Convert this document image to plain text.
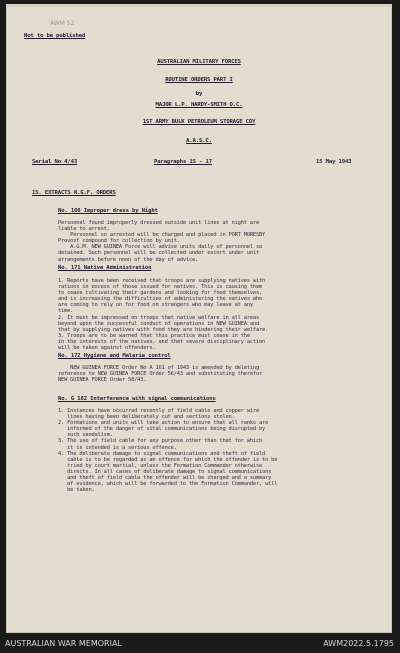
AWM 52
Not to be published
AUSTRALIAN MILITARY FORCES
ROUTINE ORDERS PART I
by
MAJOR L.P. HARDY-SMITH O.C.
1ST ARMY BULK PETROLEUM STORAGE COY
A.A.S.C.
Serial No 4/43	Paragraphs 15 - 17	15 May 1943
15. EXTRACTS N.G.F. ORDERS
No. 160 Improper dress by Night
Personnel found improperly dressed outside unit lines at night are
liable to arrest.
Personnel so arrested will be charged and placed in PORT MORESBY
Provost compound for collection by unit.
A.G.M. NEW GUINEA Force will advise units daily of personnel so
detained. Such personnel will be collected under escort under unit
arrangements before noon of the day of advice.
No. 171 Native Administration
1. Reports have been received that troops are supplying natives with
rations in excess of those issued for natives. This is causing them
to cease cultivating their gardens and looking for food themselves,
and is increasing the difficulties of administering the natives who
are coming to rely on for food on strangers who may leave at any
time.
2. It must be impressed on troops that native welfare in all areas
beyond upon the successful conduct of operations in NEW GUINEA and
that by supplying natives with food they are hindering their welfare.
3. Troops are to be warned that this practice must cease in the
in the interests of the natives, and that severe disciplinary action
will be taken against offenders.
No. 172 Hygiene and Malaria control
NEW GUINEA FORCE Order No A 161 of 1943 is amended by deleting
reference to NEW GUINEA FORCE Order 56/43 and substituting therefor
NEW GUINEA FORCE Order 58/43.
No. G 182 Interference with signal communications
1. Instances have occurred recently of field cable and copper wire
lines having been deliberately cut and sections stolen.
2. Formations and units will take action to ensure that all ranks are
informed of the danger of vital communications being disrupted by
such vandalism.
3. The use of field cable for any purpose other than that for which
it is intended is a serious offence.
4. The deliberate damage to signal communications and theft of field
cable is to be regarded as an offence for which the offender is to be
tried by court martial, unless the Formation Commander otherwise
directs. In all cases of deliberate damage to signal communications
and theft of field cable the offender will be charged and a summary
of evidence, which will be forwarded to the Formation Commander, will
be taken.
AUSTRALIAN WAR MEMORIAL	AWM2022.5.1795
